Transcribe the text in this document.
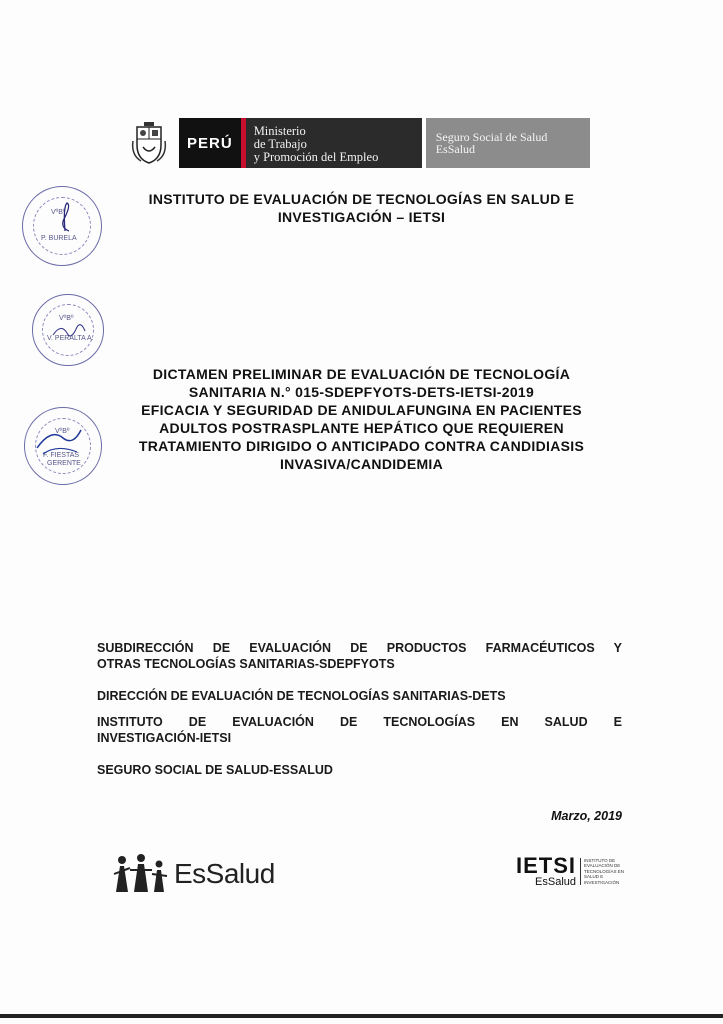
PERÚ
Ministerio
de Trabajo
y Promoción del Empleo
Seguro Social de Salud
EsSalud
INSTITUTO DE EVALUACIÓN DE TECNOLOGÍAS EN SALUD E INVESTIGACIÓN – IETSI
VºBº
P. BURELA
VºBº
V. PERALTA A.
VºBº
F. FIESTAS
GERENTE
DICTAMEN PRELIMINAR DE EVALUACIÓN DE TECNOLOGÍA
SANITARIA N.° 015-SDEPFYOTS-DETS-IETSI-2019
EFICACIA Y SEGURIDAD DE ANIDULAFUNGINA EN PACIENTES
ADULTOS POSTRASPLANTE HEPÁTICO QUE REQUIEREN
TRATAMIENTO DIRIGIDO O ANTICIPADO CONTRA CANDIDIASIS
INVASIVA/CANDIDEMIA
SUBDIRECCIÓN DE EVALUACIÓN DE PRODUCTOS FARMACÉUTICOS Y
OTRAS TECNOLOGÍAS SANITARIAS-SDEPFYOTS
DIRECCIÓN DE EVALUACIÓN DE TECNOLOGÍAS SANITARIAS-DETS
INSTITUTO DE EVALUACIÓN DE TECNOLOGÍAS EN SALUD E
INVESTIGACIÓN-IETSI
SEGURO SOCIAL DE SALUD-ESSALUD
Marzo, 2019
EsSalud	IETSI
EsSalud
INSTITUTO DE EVALUACIÓN DE TECNOLOGÍAS EN SALUD E INVESTIGACIÓN
